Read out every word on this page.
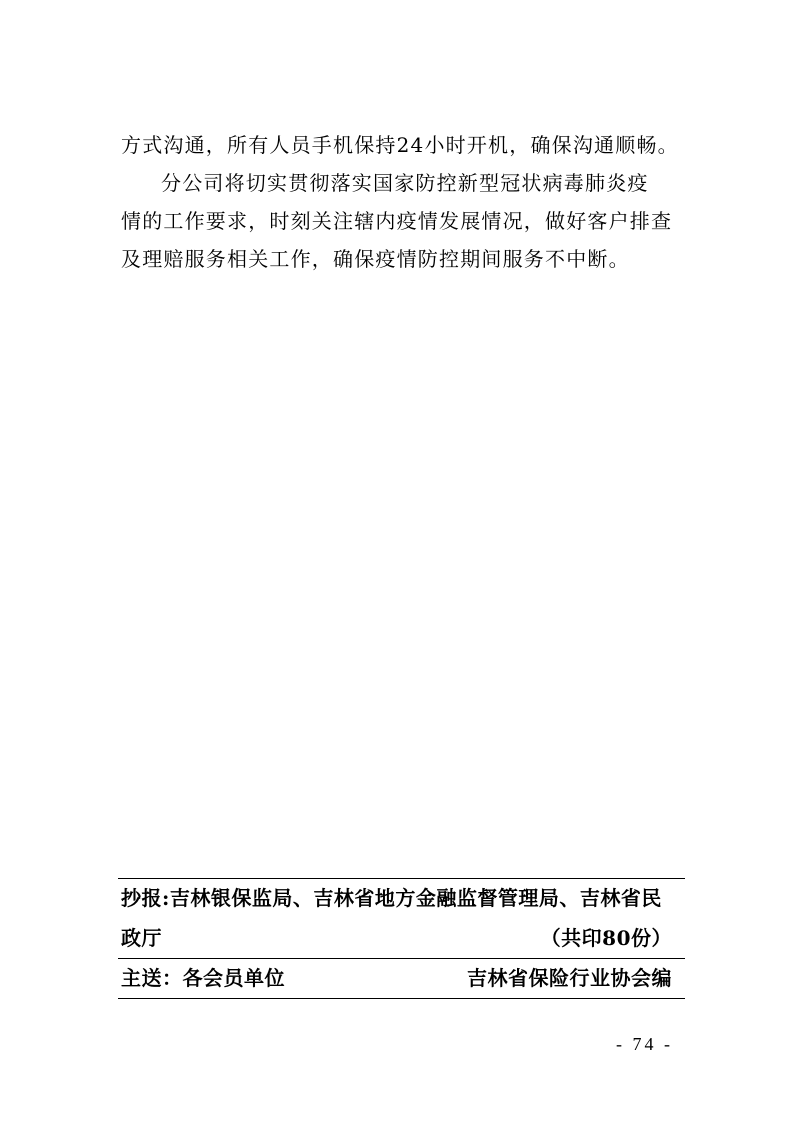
方式沟通，所有人员手机保持24小时开机，确保沟通顺畅。
分公司将切实贯彻落实国家防控新型冠状病毒肺炎疫
情的工作要求，时刻关注辖内疫情发展情况，做好客户排查
及理赔服务相关工作，确保疫情防控期间服务不中断。
抄报:吉林银保监局、吉林省地方金融监督管理局、吉林省民
政厅	（共印80份）
主送：各会员单位	吉林省保险行业协会编
- 74 -
